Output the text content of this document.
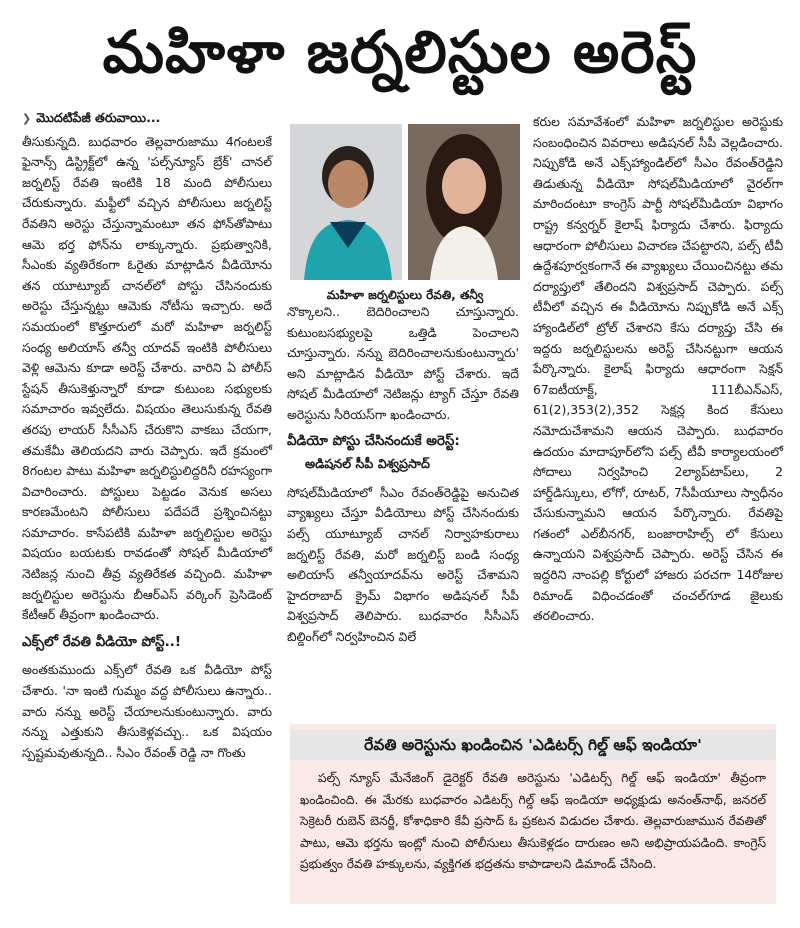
మహిళా జర్నలిస్టుల అరెస్ట్
❯ మొదటిపేజీ తరువాయి...

తీసుకున్నది. బుధవారం తెల్లవారుజాము 4గంటలకే ఫైనాన్స్ డిస్ట్రిక్ట్‌లో ఉన్న 'పల్స్‌న్యూస్ బ్రేక్' చానల్ జర్నలిస్ట్ రేవతి ఇంటికి 18 మంది పోలీసులు చేరుకున్నారు. మఫ్టీలో వచ్చిన పోలీసులు జర్నలిస్ట్ రేవతిని అరెస్టు చేస్తున్నామంటూ తన ఫోన్‌తోపాటు ఆమె భర్త ఫోన్‌ను లాక్కున్నారు. ప్రభుత్వానికి, సీఎంకు వ్యతిరేకంగా ఓరైతు మాట్లాడిన వీడియోను తన యూట్యూబ్ చానల్‌లో పోస్టు చేసినందుకు అరెస్టు చేస్తున్నట్టు ఆమెకు నోటీసు ఇచ్చారు. అదే సమయంలో కొత్తూరులో మరో మహిళా జర్నలిస్ట్ సంధ్య అలియాస్ తన్వీ యాదవ్ ఇంటికి పోలీసులు వెళ్లి ఆమెను కూడా అరెస్ట్ చేశారు. వారిని ఏ పోలీస్ స్టేషన్ తీసుకెళ్తున్నారో కూడా కుటుంబ సభ్యులకు సమాచారం ఇవ్వలేదు. విషయం తెలుసుకున్న రేవతి తరపు లాయర్ సీసీఎస్ చేరుకొని వాకబు చేయగా, తమకేమీ తెలియదని వారు చెప్పారు. ఇదే క్రమంలో 8గంటల పాటు మహిళా జర్నలిస్టులిద్దరినీ రహస్యంగా విచారించారు. పోస్టులు పెట్టడం వెనుక అసలు కారణమేంటని పోలీసులు పదేపదే ప్రశ్నించినట్టు సమాచారం. కాసేపటికి మహిళా జర్నలిస్టుల అరెస్టు విషయం బయటకు రావడంతో సోషల్ మీడియాలో నెటిజన్ల నుంచి తీవ్ర వ్యతిరేకత వచ్చింది. మహిళా జర్నలిస్టుల అరెస్టును బీఆర్ఎస్ వర్కింగ్ ప్రెసిడెంట్ కేటీఆర్ తీవ్రంగా ఖండించారు.

ఎక్స్‌లో రేవతి వీడియో పోస్ట్..!

అంతకుముందు ఎక్స్‌లో రేవతి ఒక వీడియో పోస్ట్ చేశారు. 'నా ఇంటి గుమ్మం వద్ద పోలీసులు ఉన్నారు.. వారు నన్ను అరెస్ట్ చేయాలనుకుంటున్నారు. వారు నన్ను ఎత్తుకుని తీసుకెళ్లవచ్చు.. ఒక విషయం స్పష్టమవుతున్నది.. సీఎం రేవంత్ రెడ్డి నా గొంతు

మహిళా జర్నలిస్టులు రేవతి, తన్వీ

నొక్కాలని.. బెదిరించాలని చూస్తున్నారు. కుటుంబసభ్యులపై ఒత్తిడి పెంచాలని చూస్తున్నారు. నన్ను బెదిరించాలనుకుంటున్నారు' అని మాట్లాడిన వీడియో పోస్ట్ చేశారు. ఇదే సోషల్ మీడియాలో నెటిజన్లు ట్యాగ్ చేస్తూ రేవతి అరెస్టును సీరియస్‌గా ఖండించారు.

వీడియో పోస్టు చేసినందుకే అరెస్ట్:
అడిషనల్ సీపీ విశ్వప్రసాద్

సోషల్‌మీడియాలో సీఎం రేవంత్‌రెడ్డిపై అనుచిత వ్యాఖ్యలు చేస్తూ వీడియోలు పోస్ట్ చేసినందుకు పల్స్ యూట్యూబ్ చానల్ నిర్వాహకురాలు జర్నలిస్ట్ రేవతి, మరో జర్నలిస్ట్ బండి సంధ్య అలియాస్ తన్వీయాదవ్‌ను అరెస్ట్ చేశామని హైదరాబాద్ క్రైమ్ విభాగం అడిషనల్ సీపీ విశ్వప్రసాద్ తెలిపారు. బుధవారం సీసీఎస్ బిల్డింగ్‌లో నిర్వహించిన విలే

కరుల సమావేశంలో మహిళా జర్నలిస్టుల అరెస్టుకు సంబంధించిన వివరాలు అడిషనల్ సీపీ వెల్లడించారు. నిప్పుకోడి అనే ఎక్స్‌హ్యాండిల్‌లో సీఎం రేవంత్‌రెడ్డిని తిడుతున్న వీడియో సోషల్‌మీడియాలో వైరల్‌గా మారిందంటూ కాంగ్రెస్ పార్టీ సోషల్‌మీడియా విభాగం రాష్ట్ర కన్వర్నర్ కైలాష్ ఫిర్యాదు చేశారు. ఫిర్యాదు ఆధారంగా పోలీసులు విచారణ చేపట్టారని, పల్స్ టీవీ ఉద్దేశపూర్వకంగానే ఈ వ్యాఖ్యలు చేయించినట్టు తమ దర్యాప్తులో తేలిందని విశ్వప్రసాద్ చెప్పారు. పల్స్ టీవీలో వచ్చిన ఈ వీడియోను నిప్పుకోడి అనే ఎక్స్ హ్యాండిల్‌లో ట్రోల్ చేశారని కేసు దర్యాప్తు చేసి ఈ ఇద్దరు జర్నలిస్టులను అరెస్ట్ చేసినట్టుగా ఆయన పేర్కొన్నారు. కైలాష్ ఫిర్యాదు ఆధారంగా సెక్షన్ 67ఐటీయాక్ట్, 111బీఎన్ఎస్, 61(2),353(2),352 సెక్షన్ల కింద కేసులు నమోదుచేశామని ఆయన చెప్పారు. బుధవారం ఉదయం మాదాపూర్‌లోని పల్స్ టీవీ కార్యాలయంలో సోదాలు నిర్వహించి 2ల్యాప్‌టాప్‌లు, 2 హార్డ్‌డిస్కులు, లోగో, రూటర్, 7సీపీయూలు స్వాధీనం చేసుకున్నామని ఆయన పేర్కొన్నారు. రేవతిపై గతంలో ఎల్‌బీనగర్, బంజారాహిల్స్ లో కేసులు ఉన్నాయని విశ్వప్రసాద్ చెప్పారు. అరెస్ట్ చేసిన ఈ ఇద్దరిని నాంపల్లి కోర్టులో హాజరు పరచగా 14రోజుల రిమాండ్ విధించడంతో చంచల్‌గూడ జైలుకు తరలించారు.

రేవతి అరెస్టును ఖండించిన 'ఎడిటర్స్ గిల్డ్ ఆఫ్ ఇండియా'
పల్స్ న్యూస్ మేనేజింగ్ డైరెక్టర్ రేవతి అరెస్టును 'ఎడిటర్స్ గిల్డ్ ఆఫ్ ఇండియా' తీవ్రంగా ఖండించింది. ఈ మేరకు బుధవారం ఎడిటర్స్ గిల్డ్ ఆఫ్ ఇండియా అధ్యక్షుడు అనంత్‌నాథ్, జనరల్ సెక్రెటరీ రుబెన్ బెనర్జీ, కోశాధికారి కేవీ ప్రసాద్ ఓ ప్రకటన విడుదల చేశారు. తెల్లవారుజామున రేవతితో పాటు, ఆమె భర్తను ఇంట్లో నుంచి పోలీసులు తీసుకెళ్లడం దారుణం అని అభిప్రాయపడింది. కాంగ్రెస్ ప్రభుత్వం రేవతి హక్కులను, వ్యక్తిగత భద్రతను కాపాడాలని డిమాండ్ చేసింది.
